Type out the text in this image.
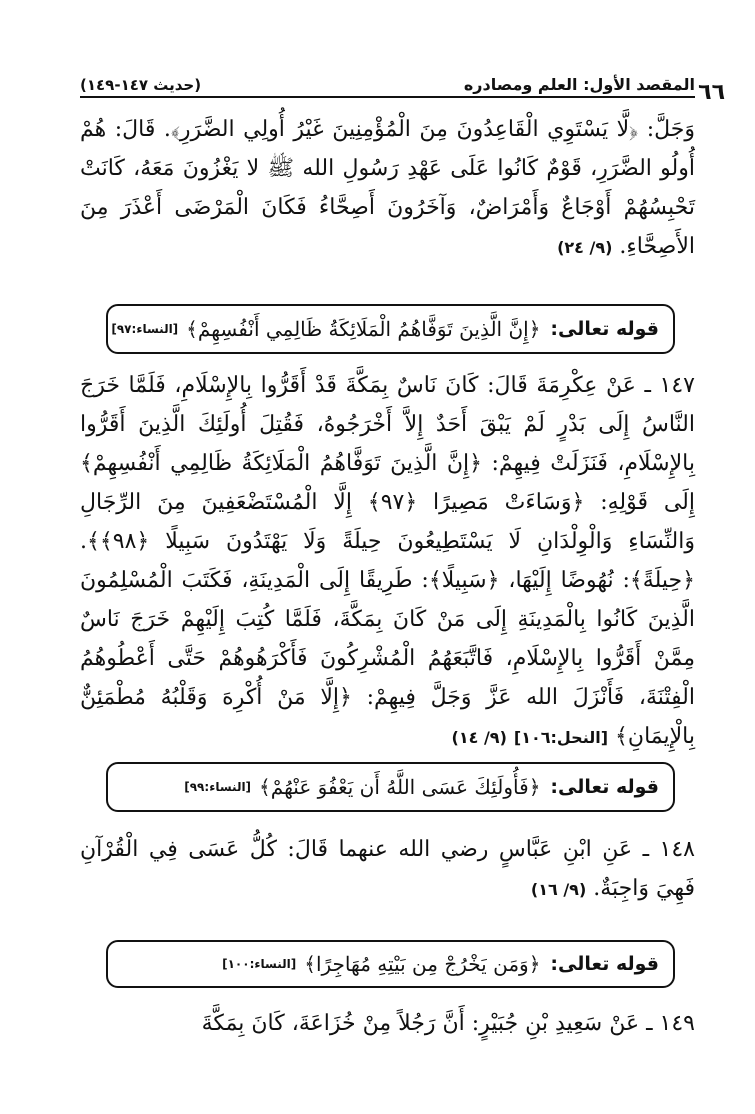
المقصد الأول: العلم ومصادره
(حديث ١٤٧-١٤٩)	٦٦
وَجَلَّ: ﴿لَّا يَسْتَوِي الْقَاعِدُونَ مِنَ الْمُؤْمِنِينَ غَيْرُ أُولِي الضَّرَرِ﴾. قَالَ: هُمْ أُولُو الضَّرَرِ، قَوْمٌ كَانُوا عَلَى عَهْدِ رَسُولِ الله ﷺ لا يَغْزُونَ مَعَهُ، كَانَتْ تَحْبِسُهُمْ أَوْجَاعٌ وَأَمْرَاضٌ، وَآخَرُونَ أَصِحَّاءُ فَكَانَ الْمَرْضَى أَعْذَرَ مِنَ الأَصِحَّاءِ. (٩/ ٢٤)
قوله تعالى:
﴿إِنَّ الَّذِينَ تَوَفَّاهُمُ الْمَلَائِكَةُ ظَالِمِي أَنْفُسِهِمْ﴾
[النساء:٩٧]
١٤٧ ـ عَنْ عِكْرِمَةَ قَالَ: كَانَ نَاسٌ بِمَكَّةَ قَدْ أَقَرُّوا بِالإِسْلَامِ، فَلَمَّا خَرَجَ النَّاسُ إِلَى بَدْرٍ لَمْ يَبْقَ أَحَدٌ إِلاَّ أَخْرَجُوهُ، فَقُتِلَ أُولَئِكَ الَّذِينَ أَقَرُّوا بِالإِسْلَامِ، فَنَزَلَتْ فِيهِمْ: ﴿إِنَّ الَّذِينَ تَوَفَّاهُمُ الْمَلَائِكَةُ ظَالِمِي أَنْفُسِهِمْ﴾ إِلَى قَوْلِهِ: ﴿وَسَاءَتْ مَصِيرًا ﴿٩٧﴾ إِلَّا الْمُسْتَضْعَفِينَ مِنَ الرِّجَالِ وَالنِّسَاءِ وَالْوِلْدَانِ لَا يَسْتَطِيعُونَ حِيلَةً وَلَا يَهْتَدُونَ سَبِيلًا ﴿٩٨﴾﴾. ﴿حِيلَةً﴾: نُهُوضًا إِلَيْهَا، ﴿سَبِيلًا﴾: طَرِيقًا إِلَى الْمَدِينَةِ، فَكَتَبَ الْمُسْلِمُونَ الَّذِينَ كَانُوا بِالْمَدِينَةِ إِلَى مَنْ كَانَ بِمَكَّةَ، فَلَمَّا كُتِبَ إِلَيْهِمْ خَرَجَ نَاسٌ مِمَّنْ أَقَرُّوا بِالإِسْلَامِ، فَاتَّبَعَهُمُ الْمُشْرِكُونَ فَأَكْرَهُوهُمْ حَتَّى أَعْطُوهُمُ الْفِتْنَةَ، فَأَنْزَلَ الله عَزَّ وَجَلَّ فِيهِمْ: ﴿إِلَّا مَنْ أُكْرِهَ وَقَلْبُهُ مُطْمَئِنٌّ بِالْإِيمَانِ﴾ [النحل:١٠٦] (٩/ ١٤)
قوله تعالى:
﴿فَأُولَئِكَ عَسَى اللَّهُ أَن يَعْفُوَ عَنْهُمْ﴾
[النساء:٩٩]
١٤٨ ـ عَنِ ابْنِ عَبَّاسٍ رضي الله عنهما قَالَ: كُلُّ عَسَى فِي الْقُرْآنِ فَهِيَ وَاجِبَةٌ. (٩/ ١٦)
قوله تعالى:
﴿وَمَن يَخْرُجْ مِن بَيْتِهِ مُهَاجِرًا﴾
[النساء:١٠٠]
١٤٩ ـ عَنْ سَعِيدِ بْنِ جُبَيْرٍ: أَنَّ رَجُلاً مِنْ خُزَاعَةَ، كَانَ بِمَكَّةَ
